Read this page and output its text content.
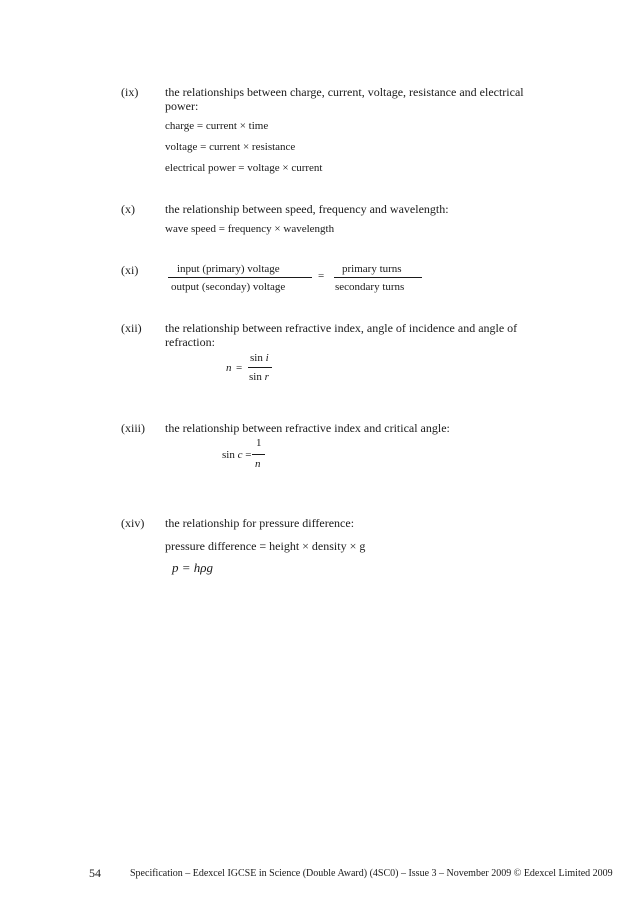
(ix) the relationships between charge, current, voltage, resistance and electrical
power:
charge = current × time
voltage = current × resistance
electrical power = voltage × current
(x)	the relationship between speed, frequency and wavelength:
wave speed = frequency × wavelength
(xi)	input (primary) voltage
output (seconday) voltage
=
primary turns
secondary turns
(xii) the relationship between refractive index, angle of incidence and angle of
refraction:
n =
sin i
sin r
(xiii) the relationship between refractive index and critical angle:
sin c =
1
n
(xiv) the relationship for pressure difference:
pressure difference = height × density × g
p = hρg
54	Specification – Edexcel IGCSE in Science (Double Award) (4SC0) – Issue 3 – November 2009 © Edexcel Limited 2009
